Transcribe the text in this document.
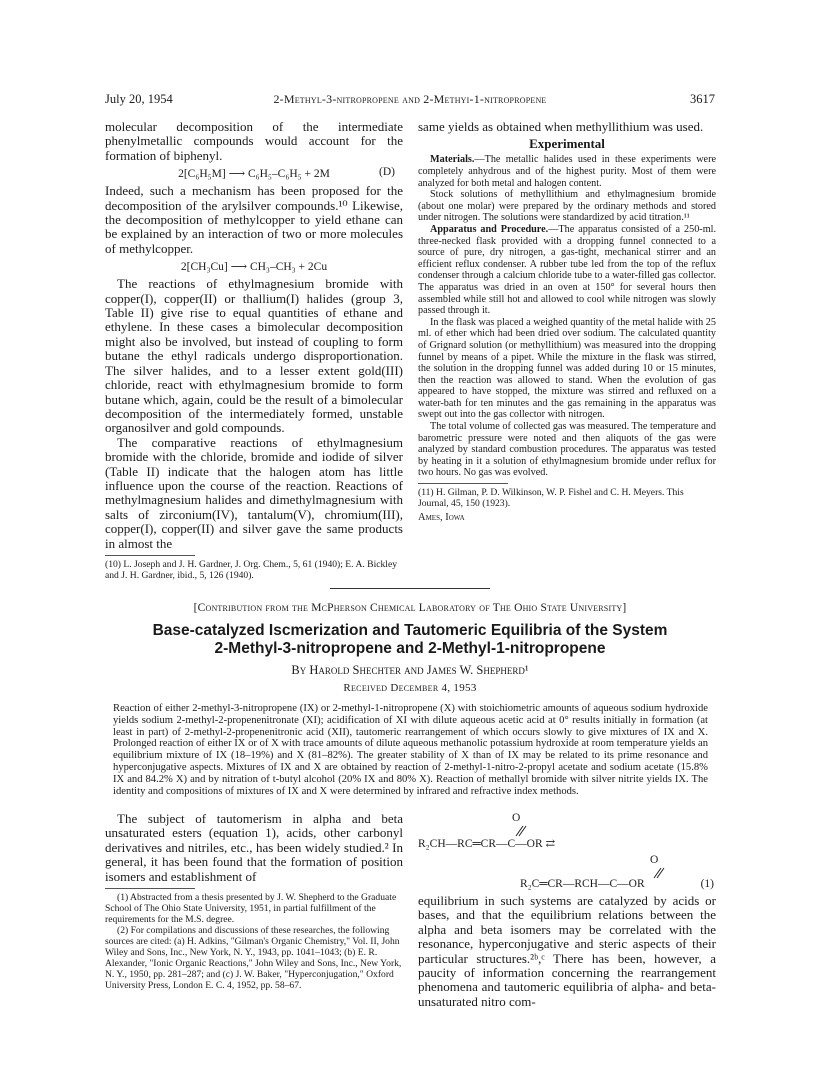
July 20, 1954	2-Methyl-3-nitropropene and 2-Methyi-1-nitropropene	3617

molecular decomposition of the intermediate phenylmetallic compounds would account for the formation of biphenyl.

2[C₆H₅M] ⟶ C₆H₅–C₆H₅ + 2M	(D)

Indeed, such a mechanism has been proposed for the decomposition of the arylsilver compounds.¹⁰ Likewise, the decomposition of methylcopper to yield ethane can be explained by an interaction of two or more molecules of methylcopper.

2[CH₃Cu] ⟶ CH₃–CH₃ + 2Cu

The reactions of ethylmagnesium bromide with copper(I), copper(II) or thallium(I) halides (group 3, Table II) give rise to equal quantities of ethane and ethylene. In these cases a bimolecular decomposition might also be involved, but instead of coupling to form butane the ethyl radicals undergo disproportionation. The silver halides, and to a lesser extent gold(III) chloride, react with ethylmagnesium bromide to form butane which, again, could be the result of a bimolecular decomposition of the intermediately formed, unstable organosilver and gold compounds.

The comparative reactions of ethylmagnesium bromide with the chloride, bromide and iodide of silver (Table II) indicate that the halogen atom has little influence upon the course of the reaction. Reactions of methylmagnesium halides and dimethylmagnesium with salts of zirconium(IV), tantalum(V), chromium(III), copper(I), copper(II) and silver gave the same products in almost the

(10) L. Joseph and J. H. Gardner, J. Org. Chem., 5, 61 (1940); E. A. Bickley and J. H. Gardner, ibid., 5, 126 (1940).

same yields as obtained when methyllithium was used.

Experimental

Materials.—The metallic halides used in these experiments were completely anhydrous and of the highest purity. Most of them were analyzed for both metal and halogen content.

Stock solutions of methyllithium and ethylmagnesium bromide (about one molar) were prepared by the ordinary methods and stored under nitrogen. The solutions were standardized by acid titration.¹¹

Apparatus and Procedure.—The apparatus consisted of a 250-ml. three-necked flask provided with a dropping funnel connected to a source of pure, dry nitrogen, a gas-tight, mechanical stirrer and an efficient reflux condenser. A rubber tube led from the top of the reflux condenser through a calcium chloride tube to a water-filled gas collector. The apparatus was dried in an oven at 150° for several hours then assembled while still hot and allowed to cool while nitrogen was slowly passed through it.

In the flask was placed a weighed quantity of the metal halide with 25 ml. of ether which had been dried over sodium. The calculated quantity of Grignard solution (or methyllithium) was measured into the dropping funnel by means of a pipet. While the mixture in the flask was stirred, the solution in the dropping funnel was added during 10 or 15 minutes, then the reaction was allowed to stand. When the evolution of gas appeared to have stopped, the mixture was stirred and refluxed on a water-bath for ten minutes and the gas remaining in the apparatus was swept out into the gas collector with nitrogen.

The total volume of collected gas was measured. The temperature and barometric pressure were noted and then aliquots of the gas were analyzed by standard combustion procedures. The apparatus was tested by heating in it a solution of ethylmagnesium bromide under reflux for two hours. No gas was evolved.

(11) H. Gilman, P. D. Wilkinson, W. P. Fishel and C. H. Meyers. This Journal, 45, 150 (1923).

Ames, Iowa

[Contribution from the McPherson Chemical Laboratory of The Ohio State University]
Base-catalyzed Iscmerization and Tautomeric Equilibria of the System
2-Methyl-3-nitropropene and 2-Methyl-1-nitropropene
By Harold Shechter and James W. Shepherd¹
Received December 4, 1953

Reaction of either 2-methyl-3-nitropropene (IX) or 2-methyl-1-nitropropene (X) with stoichiometric amounts of aqueous sodium hydroxide yields sodium 2-methyl-2-propenenitronate (XI); acidification of XI with dilute aqueous acetic acid at 0° results initially in formation (at least in part) of 2-methyl-2-propenenitronic acid (XII), tautomeric rearrangement of which occurs slowly to give mixtures of IX and X. Prolonged reaction of either IX or of X with trace amounts of dilute aqueous methanolic potassium hydroxide at room temperature yields an equilibrium mixture of IX (18–19%) and X (81–82%). The greater stability of X than of IX may be related to its prime resonance and hyperconjugative aspects. Mixtures of IX and X are obtained by reaction of 2-methyl-1-nitro-2-propyl acetate and sodium acetate (15.8% IX and 84.2% X) and by nitration of t-butyl alcohol (20% IX and 80% X). Reaction of methallyl bromide with silver nitrite yields IX. The identity and compositions of mixtures of IX and X were determined by infrared and refractive index methods.

The subject of tautomerism in alpha and beta unsaturated esters (equation 1), acids, other carbonyl derivatives and nitriles, etc., has been widely studied.² In general, it has been found that the formation of position isomers and establishment of

(1) Abstracted from a thesis presented by J. W. Shepherd to the Graduate School of The Ohio State University, 1951, in partial fulfillment of the requirements for the M.S. degree.

(2) For compilations and discussions of these researches, the following sources are cited: (a) H. Adkins, "Gilman's Organic Chemistry," Vol. II, John Wiley and Sons, Inc., New York, N. Y., 1943, pp. 1041–1043; (b) E. R. Alexander, "Ionic Organic Reactions," John Wiley and Sons, Inc., New York, N. Y., 1950, pp. 281–287; and (c) J. W. Baker, "Hyperconjugation," Oxford University Press, London E. C. 4, 1952, pp. 58–67.

O
R₂CH—RC═CR—C—OR ⇄
O
R₂C═CR—RCH—C—OR	(1)

equilibrium in such systems are catalyzed by acids or bases, and that the equilibrium relations between the alpha and beta isomers may be correlated with the resonance, hyperconjugative and steric aspects of their particular structures.²ᵇ,ᶜ There has been, however, a paucity of information concerning the rearrangement phenomena and tautomeric equilibria of alpha- and beta-unsaturated nitro com-
